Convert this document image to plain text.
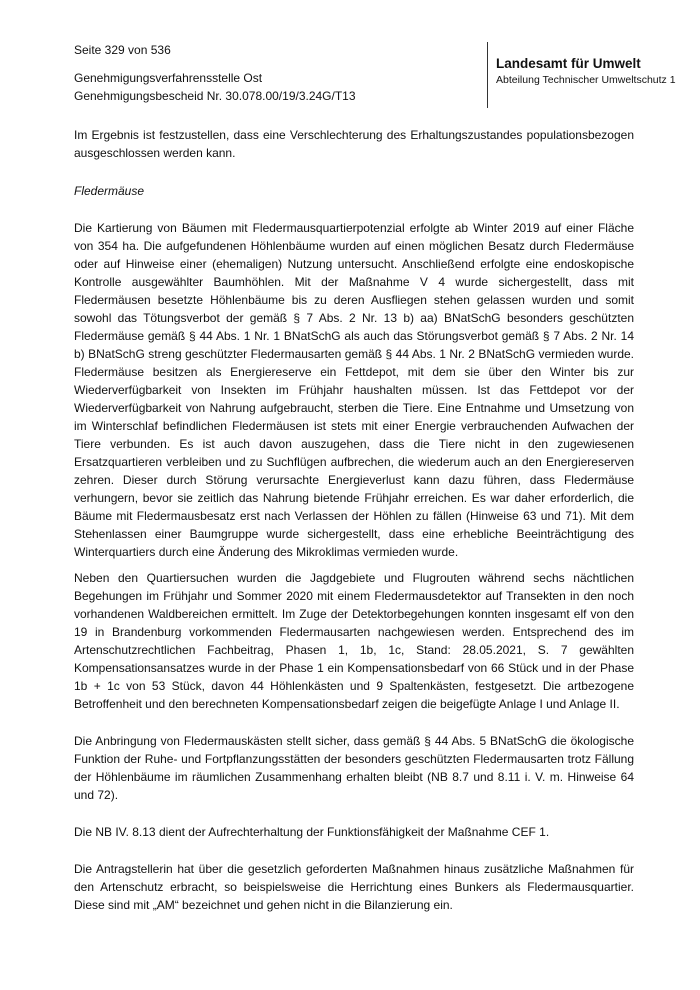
Seite 329 von 536
Genehmigungsverfahrensstelle Ost
Genehmigungsbescheid Nr. 30.078.00/19/3.24G/T13
Landesamt für Umwelt
Abteilung Technischer Umweltschutz 1

Im Ergebnis ist festzustellen, dass eine Verschlechterung des Erhaltungszustandes populationsbezogen ausgeschlossen werden kann.

Fledermäuse

Die Kartierung von Bäumen mit Fledermausquartierpotenzial erfolgte ab Winter 2019 auf einer Fläche von 354 ha. Die aufgefundenen Höhlenbäume wurden auf einen möglichen Besatz durch Fledermäuse oder auf Hinweise einer (ehemaligen) Nutzung untersucht. Anschließend erfolgte eine endoskopische Kontrolle ausgewählter Baumhöhlen. Mit der Maßnahme V 4 wurde sichergestellt, dass mit Fledermäusen besetzte Höhlenbäume bis zu deren Ausfliegen stehen gelassen wurden und somit sowohl das Tötungsverbot der gemäß § 7 Abs. 2 Nr. 13 b) aa) BNatSchG besonders geschützten Fledermäuse gemäß § 44 Abs. 1 Nr. 1 BNatSchG als auch das Störungsverbot gemäß § 7 Abs. 2 Nr. 14 b) BNatSchG streng geschützter Fledermausarten gemäß § 44 Abs. 1 Nr. 2 BNatSchG vermieden wurde. Fledermäuse besitzen als Energiereserve ein Fettdepot, mit dem sie über den Winter bis zur Wiederverfügbarkeit von Insekten im Frühjahr haushalten müssen. Ist das Fettdepot vor der Wiederverfügbarkeit von Nahrung aufgebraucht, sterben die Tiere. Eine Entnahme und Umsetzung von im Winterschlaf befindlichen Fledermäusen ist stets mit einer Energie verbrauchenden Aufwachen der Tiere verbunden. Es ist auch davon auszugehen, dass die Tiere nicht in den zugewiesenen Ersatzquartieren verbleiben und zu Suchflügen aufbrechen, die wiederum auch an den Energiereserven zehren. Dieser durch Störung verursachte Energieverlust kann dazu führen, dass Fledermäuse verhungern, bevor sie zeitlich das Nahrung bietende Frühjahr erreichen. Es war daher erforderlich, die Bäume mit Fledermausbesatz erst nach Verlassen der Höhlen zu fällen (Hinweise 63 und 71). Mit dem Stehenlassen einer Baumgruppe wurde sichergestellt, dass eine erhebliche Beeinträchtigung des Winterquartiers durch eine Änderung des Mikroklimas vermieden wurde.

Neben den Quartiersuchen wurden die Jagdgebiete und Flugrouten während sechs nächtlichen Begehungen im Frühjahr und Sommer 2020 mit einem Fledermausdetektor auf Transekten in den noch vorhandenen Waldbereichen ermittelt. Im Zuge der Detektorbegehungen konnten insgesamt elf von den 19 in Brandenburg vorkommenden Fledermausarten nachgewiesen werden. Entsprechend des im Artenschutzrechtlichen Fachbeitrag, Phasen 1, 1b, 1c, Stand: 28.05.2021, S. 7 gewählten Kompensationsansatzes wurde in der Phase 1 ein Kompensationsbedarf von 66 Stück und in der Phase 1b + 1c von 53 Stück, davon 44 Höhlenkästen und 9 Spaltenkästen, festgesetzt. Die artbezogene Betroffenheit und den berechneten Kompensationsbedarf zeigen die beigefügte Anlage I und Anlage II.

Die Anbringung von Fledermauskästen stellt sicher, dass gemäß § 44 Abs. 5 BNatSchG die ökologische Funktion der Ruhe- und Fortpflanzungsstätten der besonders geschützten Fledermausarten trotz Fällung der Höhlenbäume im räumlichen Zusammenhang erhalten bleibt (NB 8.7 und 8.11 i. V. m. Hinweise 64 und 72).

Die NB IV. 8.13 dient der Aufrechterhaltung der Funktionsfähigkeit der Maßnahme CEF 1.

Die Antragstellerin hat über die gesetzlich geforderten Maßnahmen hinaus zusätzliche Maßnahmen für den Artenschutz erbracht, so beispielsweise die Herrichtung eines Bunkers als Fledermausquartier. Diese sind mit „AM“ bezeichnet und gehen nicht in die Bilanzierung ein.
